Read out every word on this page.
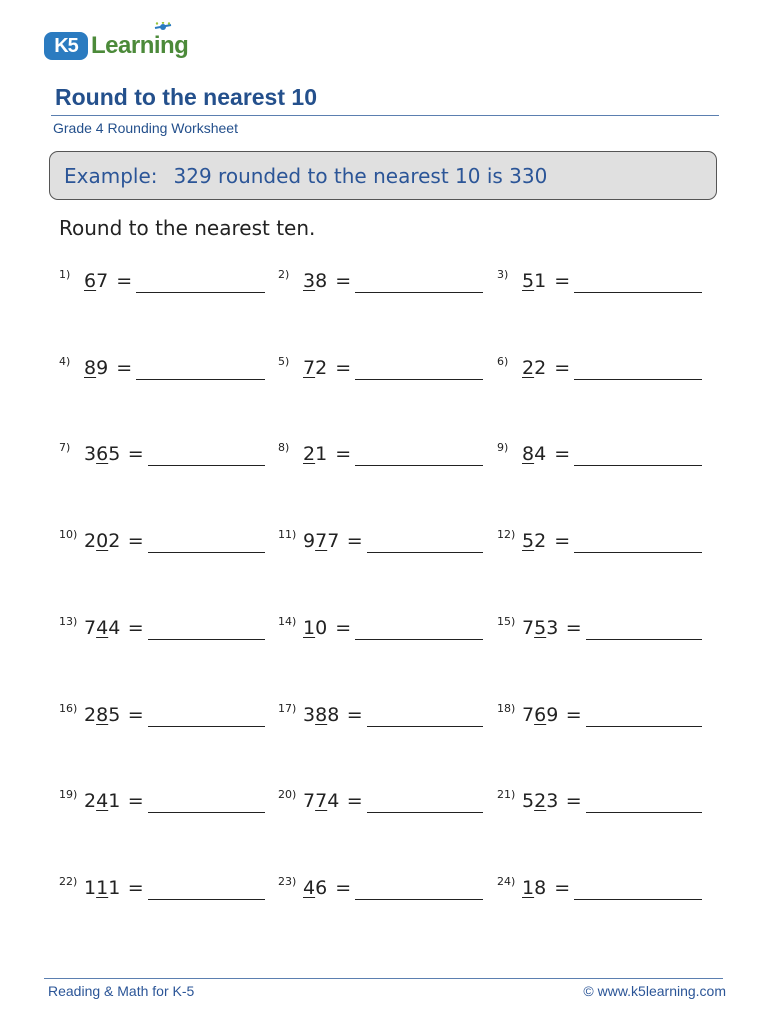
K5 Learning
Round to the nearest 10
Grade 4 Rounding Worksheet
Example: 329 rounded to the nearest 10 is 330
Round to the nearest ten.
1) 67 =	2) 38 =	3) 51 =
4) 89 =	5) 72 =	6) 22 =
7) 365 =	8) 21 =	9) 84 =
10) 202 =	11) 977 =	12) 52 =
13) 744 =	14) 10 =	15) 753 =
16) 285 =	17) 388 =	18) 769 =
19) 241 =	20) 774 =	21) 523 =
22) 111 =	23) 46 =	24) 18 =
Reading & Math for K-5	© www.k5learning.com
